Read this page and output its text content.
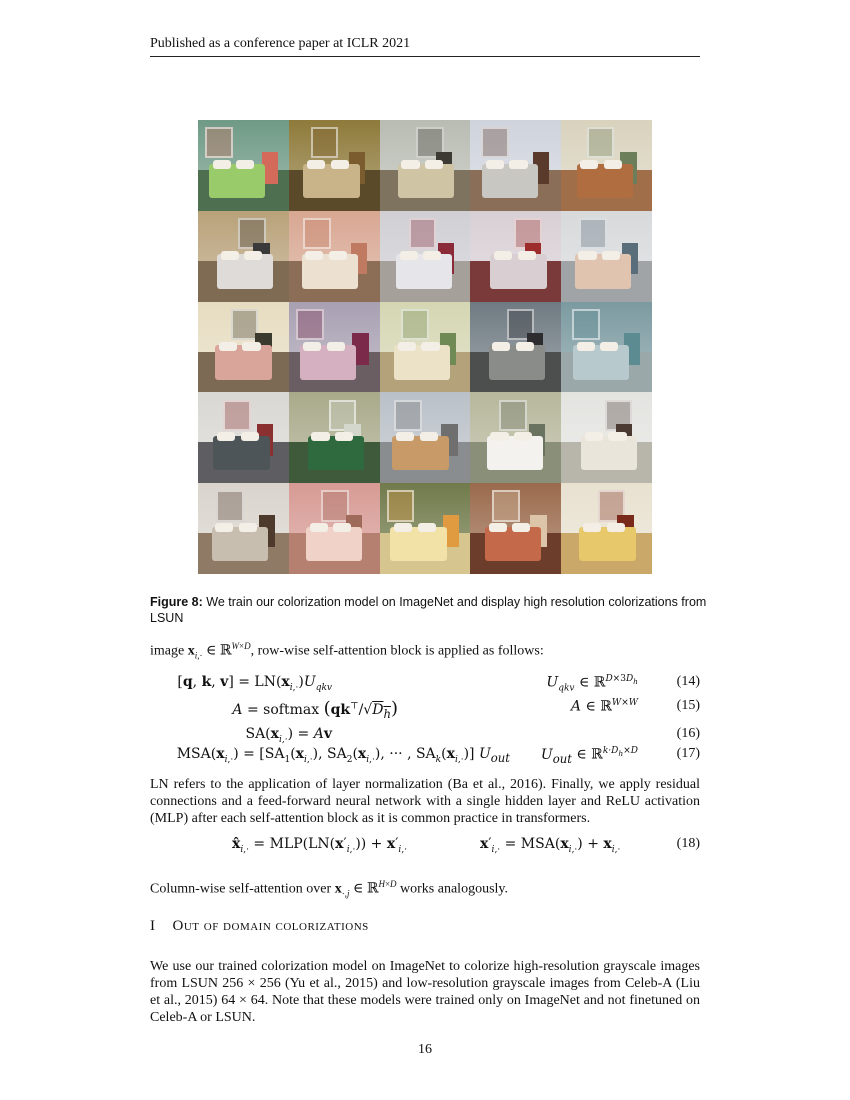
Published as a conference paper at ICLR 2021
Figure 8: We train our colorization model on ImageNet and display high resolution colorizations from LSUN
image $x_{i,\cdot}$ ∈ ℝ$^{W\times D}$, row-wise self-attention block is applied as follows:
[q, k, $v] = LN(x_{i,\cdot})U_{qkv}$	$U_{qkv}$ ∈ ℝ$^{D\times 3D_h}$	(14)
A = softmax $(qk^⊤/√D_h)$	A ∈ ℝ$^{W\times W}$	(15)
$SA(x_{i,\cdot}) = Av$	(16)
$MSA(x_{i,\cdot}) = [SA_1(x_{i,\cdot})$, $SA_2(x_{i,\cdot})$, ··· , $SA_k(x_{i,\cdot})$] $U_{out}$ $U_{out}$ ∈ ℝ$^{k\cdot D_h\times D}$	(17)
LN refers to the application of layer normalization (Ba et al., 2016). Finally, we apply residual connections and a feed-forward neural network with a single hidden layer and ReLU activation (MLP) after each self-attention block as it is common practice in transformers.
$x̂_{i,\cdot} = MLP(LN(x'_{i,\cdot})) + x'_{i,\cdot}$	$x'_{i,\cdot} = MSA(x_{i,\cdot}) + x_{i,\cdot}$	(18)
Column-wise self-attention over $x_{\cdot,j}$ ∈ ℝ$^{H\times D}$ works analogously.
I Out of domain colorizations
We use our trained colorization model on ImageNet to colorize high-resolution grayscale images from LSUN 256 × 256 (Yu et al., 2015) and low-resolution grayscale images from Celeb-A (Liu et al., 2015) 64 × 64. Note that these models were trained only on ImageNet and not finetuned on Celeb-A or LSUN.
16
